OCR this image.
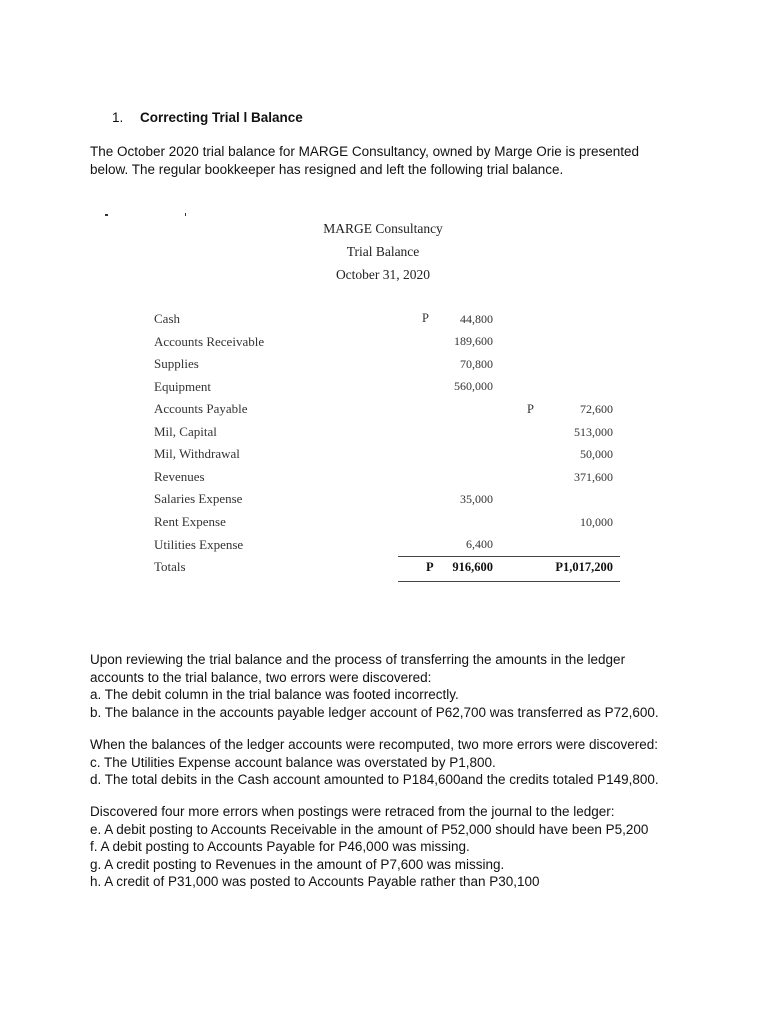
1. Correcting Trial l Balance
The October 2020 trial balance for MARGE Consultancy, owned by Marge Orie is presented
below. The regular bookkeeper has resigned and left the following trial balance.
MARGE Consultancy
Trial Balance
October 31, 2020
Cash
Accounts Receivable
Supplies
Equipment
Accounts Payable
Mil, Capital
Mil, Withdrawal
Revenues
Salaries Expense
Rent Expense
Utilities Expense
Totals
P
P
44,800
189,600
70,800
560,000
35,000
6,400
72,600
513,000
50,000
371,600
10,000
P 916,600	P1,017,200
Upon reviewing the trial balance and the process of transferring the amounts in the ledger
accounts to the trial balance, two errors were discovered:
a. The debit column in the trial balance was footed incorrectly.
b. The balance in the accounts payable ledger account of P62,700 was transferred as P72,600.
When the balances of the ledger accounts were recomputed, two more errors were discovered:
c. The Utilities Expense account balance was overstated by P1,800.
d. The total debits in the Cash account amounted to P184,600and the credits totaled P149,800.
Discovered four more errors when postings were retraced from the journal to the ledger:
e. A debit posting to Accounts Receivable in the amount of P52,000 should have been P5,200
f. A debit posting to Accounts Payable for P46,000 was missing.
g. A credit posting to Revenues in the amount of P7,600 was missing.
h. A credit of P31,000 was posted to Accounts Payable rather than P30,100
